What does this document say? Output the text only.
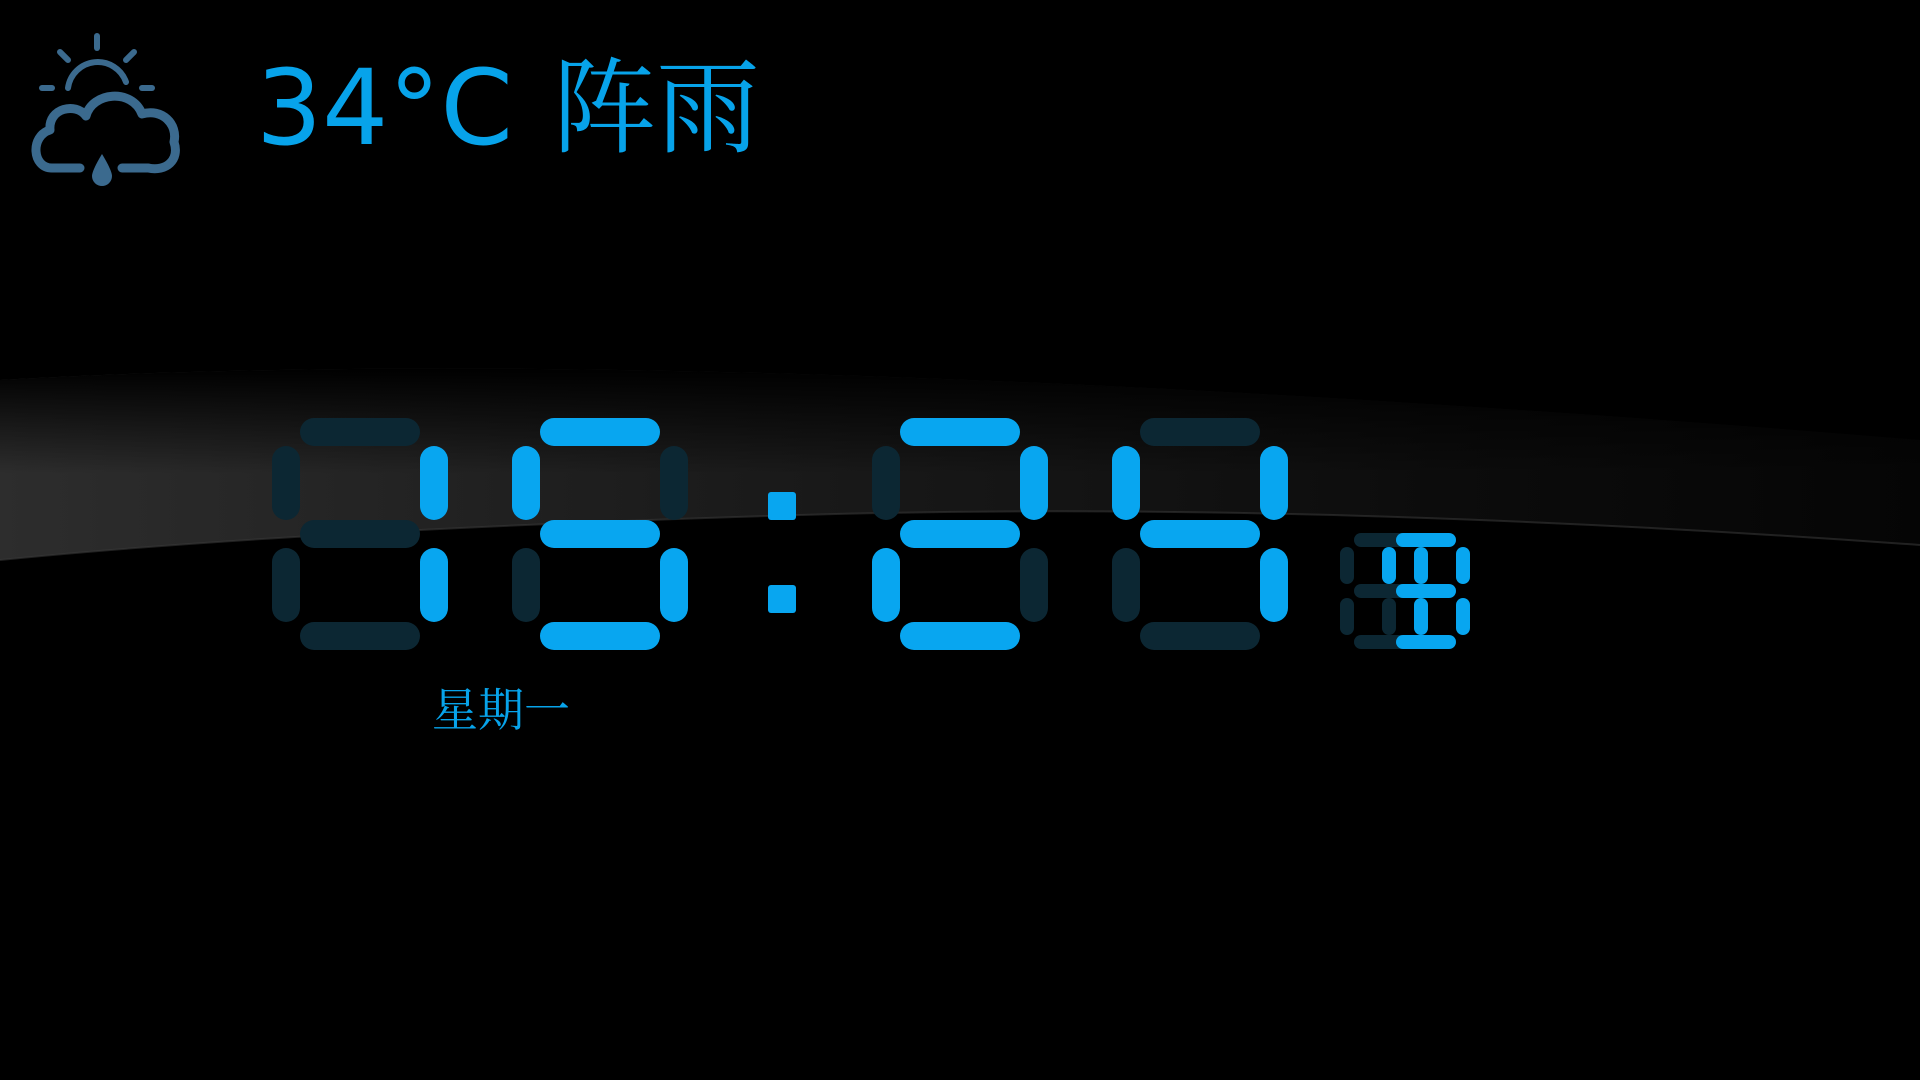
34°C 阵雨
星期一
